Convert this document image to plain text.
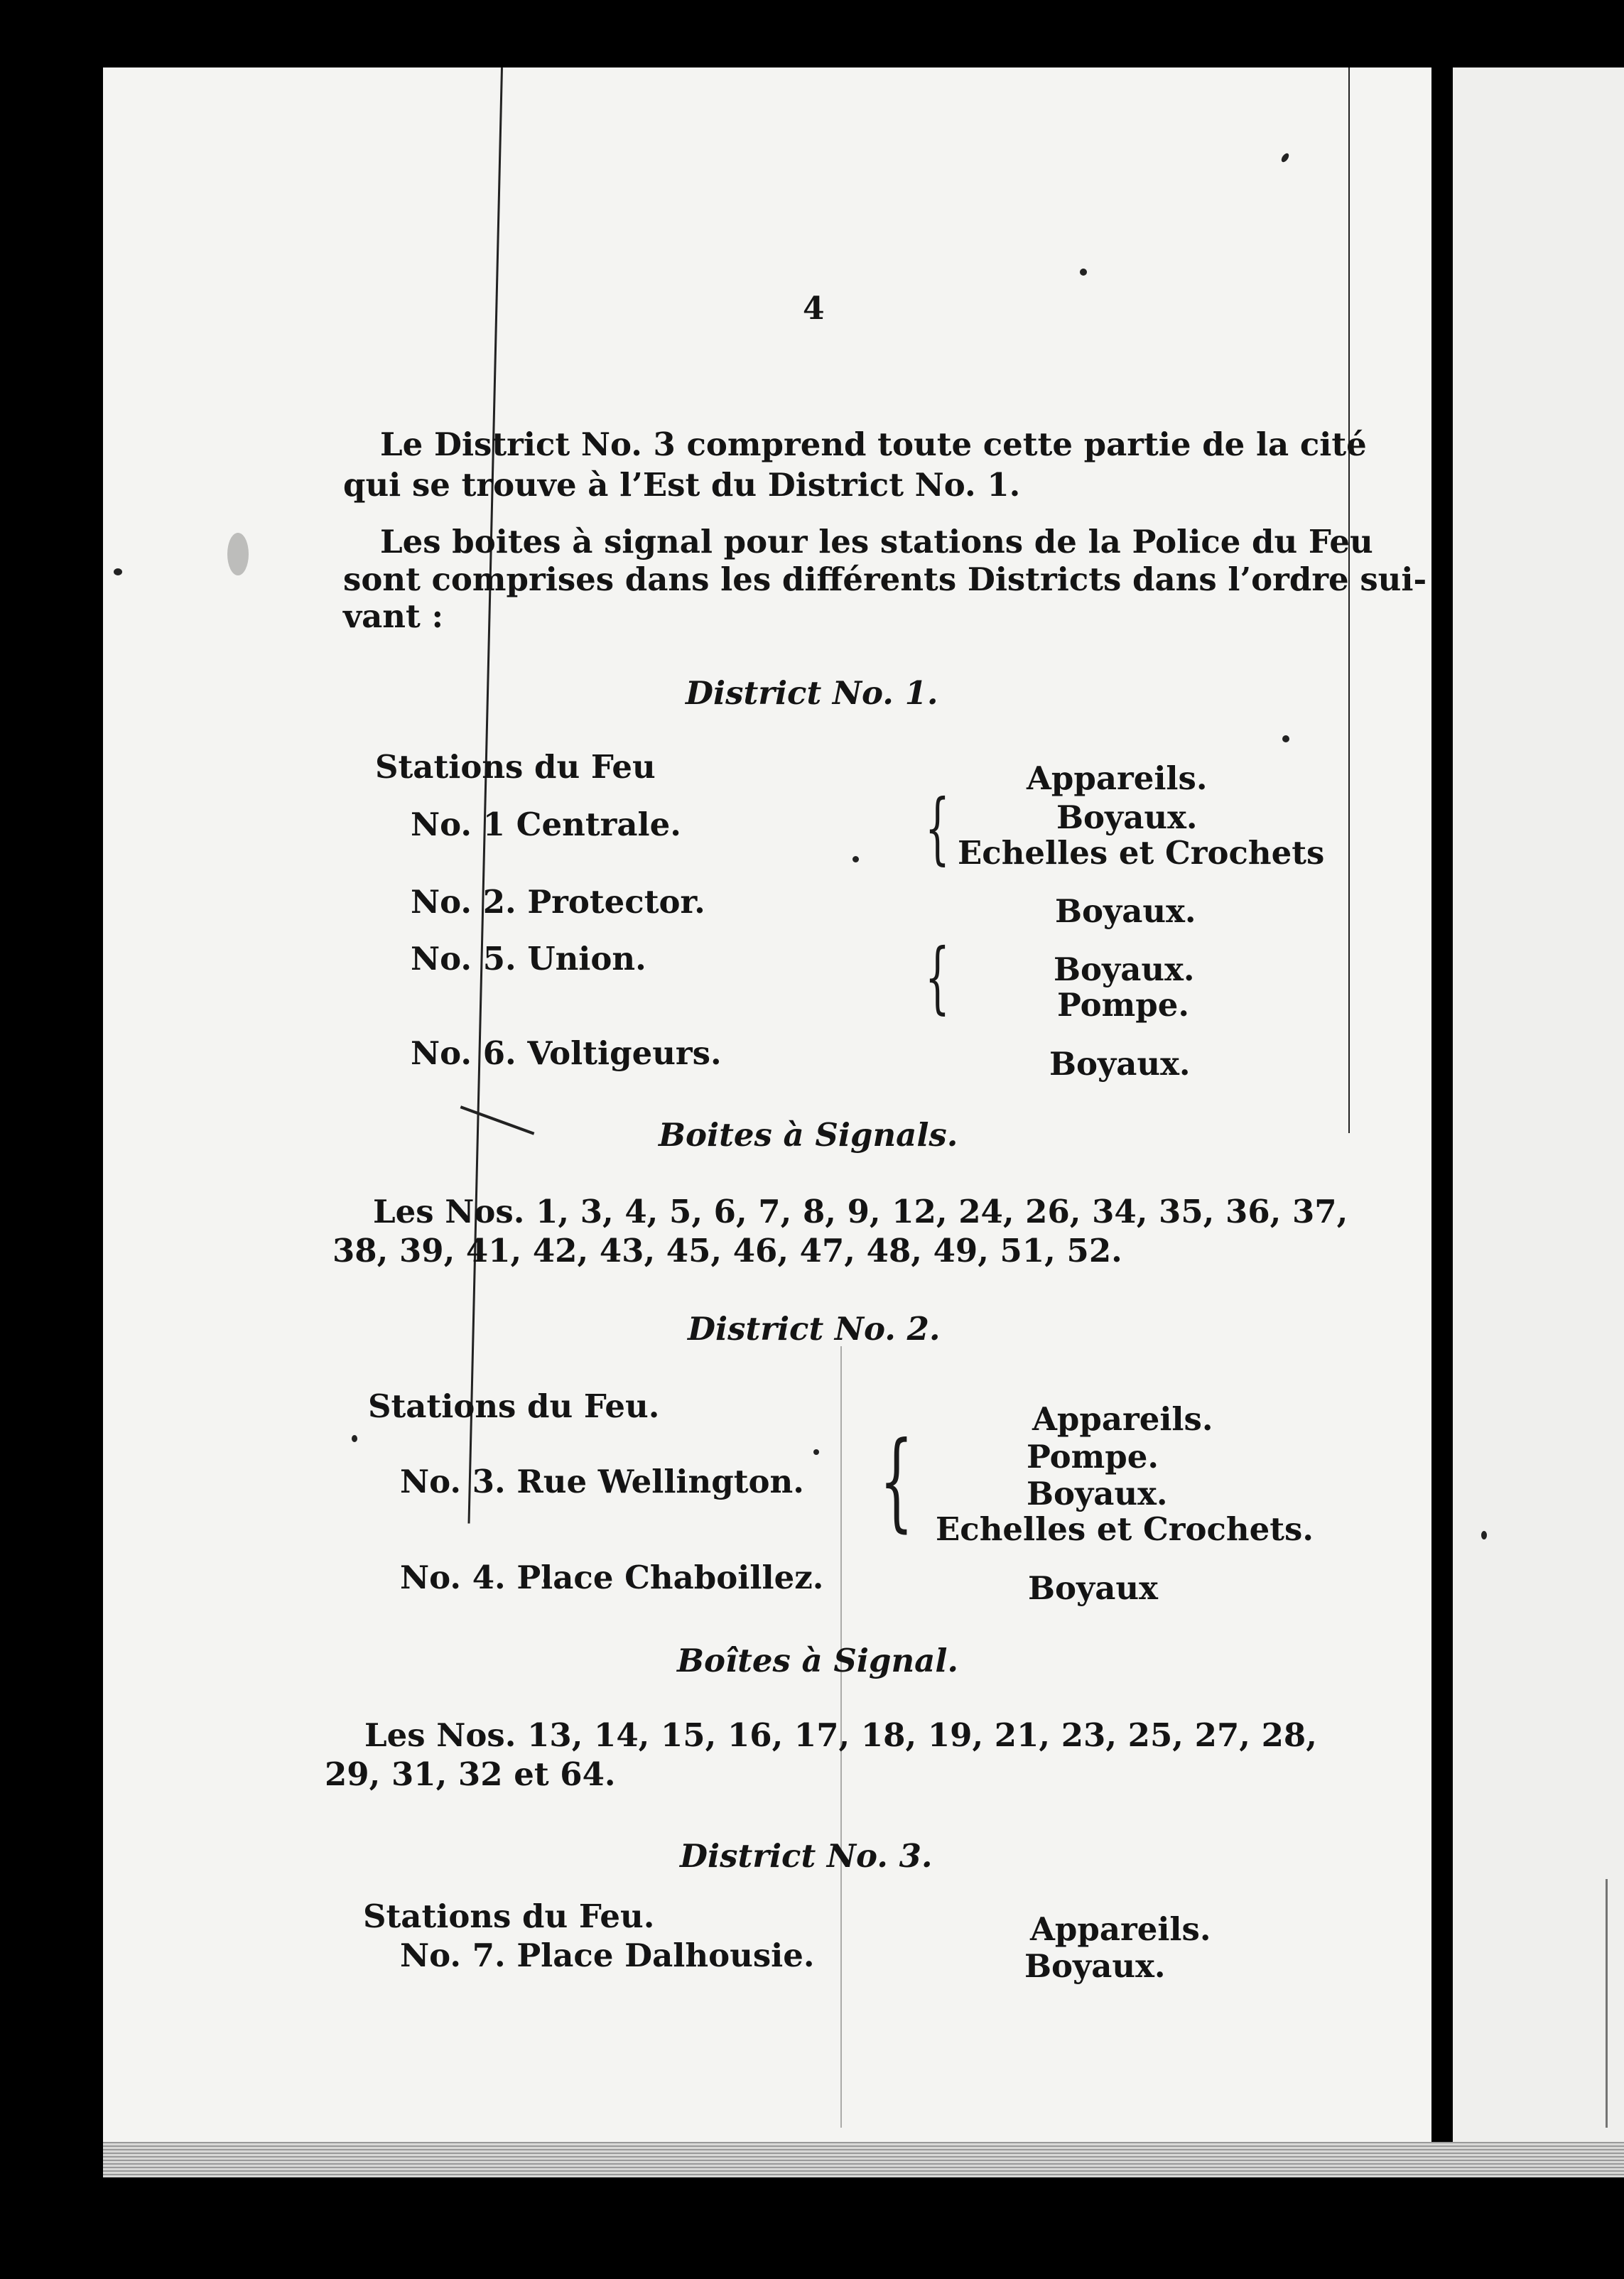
4
Le District No. 3 comprend toute cette partie de la cité
qui se trouve à l’Est du District No. 1.
Les boites à signal pour les stations de la Police du Feu
sont comprises dans les différents Districts dans l’ordre sui-
vant :
District No. 1.
Stations du Feu	Appareils.
No. 1 Centrale.	{	Boyaux.
Echelles et Crochets
No. 2. Protector.	Boyaux.
No. 5. Union.	{	Boyaux.
Pompe.
No. 6. Voltigeurs.	Boyaux.
Boites à Signals.
Les Nos. 1, 3, 4, 5, 6, 7, 8, 9, 12, 24, 26, 34, 35, 36, 37,
38, 39, 41, 42, 43, 45, 46, 47, 48, 49, 51, 52.
District No. 2.
Stations du Feu.	Appareils.
No. 3. Rue Wellington. {	Pompe.
Boyaux.
Echelles et Crochets.
No. 4. Place Chaboillez.	Boyaux
Boîtes à Signal.
Les Nos. 13, 14, 15, 16, 17, 18, 19, 21, 23, 25, 27, 28,
29, 31, 32 et 64.
District No. 3.
Stations du Feu.	Appareils.
No. 7. Place Dalhousie.	Boyaux.
